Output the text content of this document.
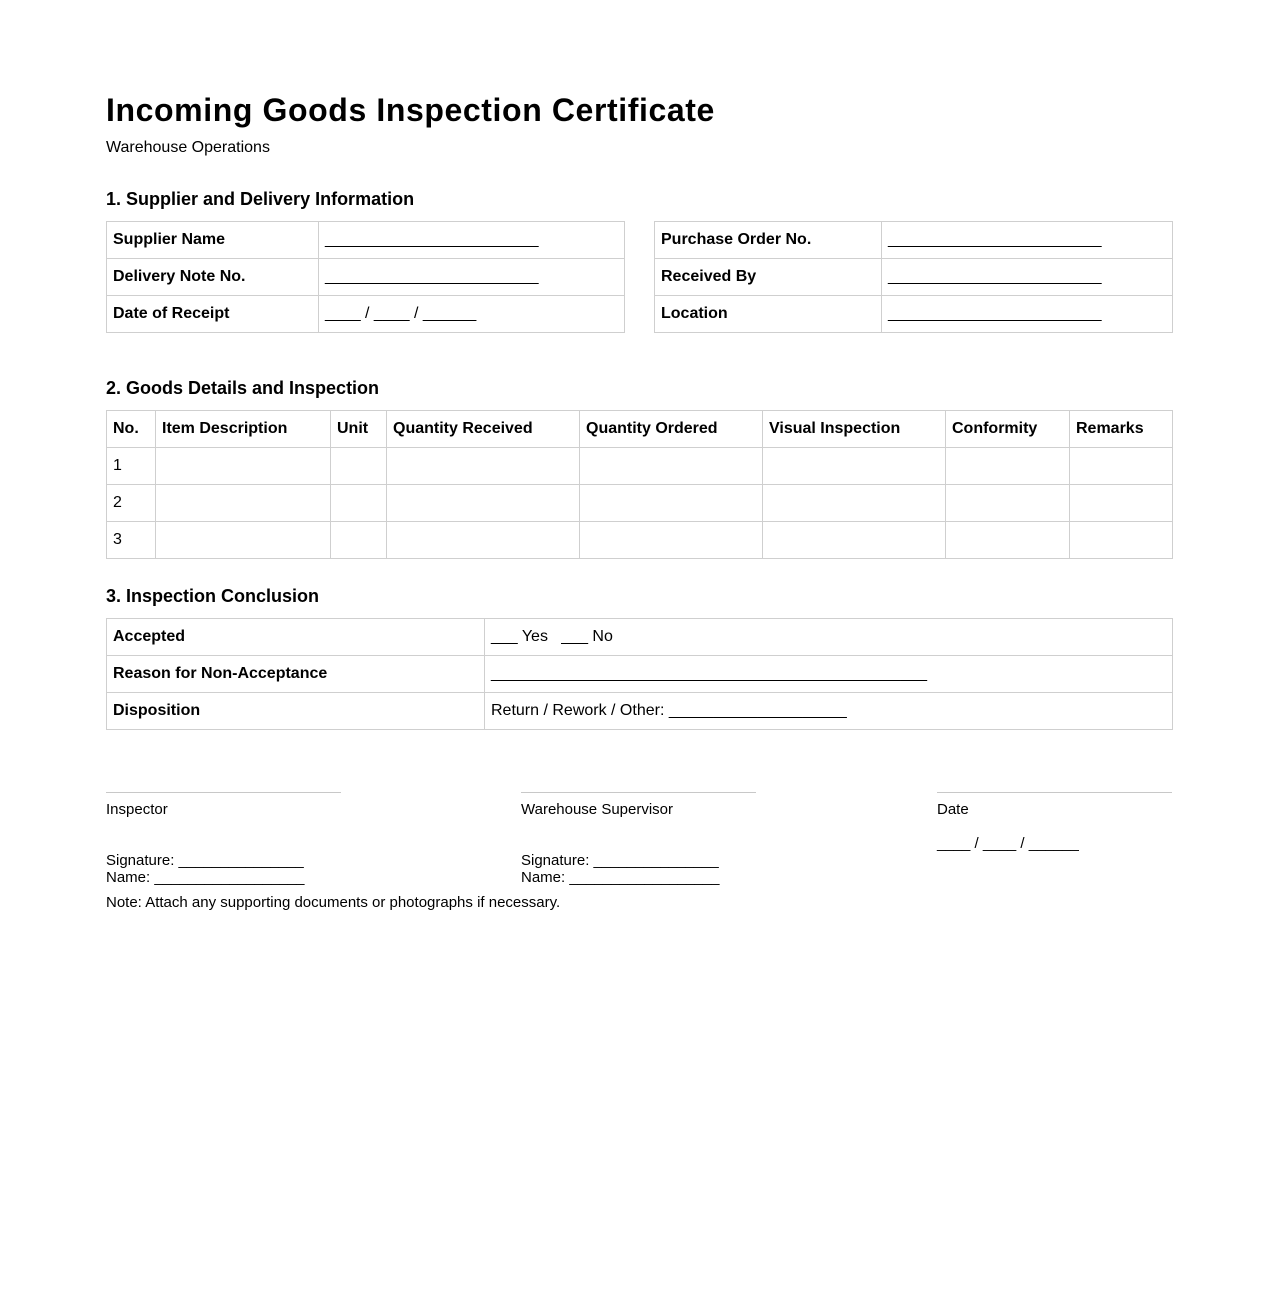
Incoming Goods Inspection Certificate
Warehouse Operations
1. Supplier and Delivery Information
Supplier Name	________________________
Delivery Note No.	________________________
Date of Receipt	____ / ____ / ______
Purchase Order No.	________________________
Received By	________________________
Location	________________________
2. Goods Details and Inspection
No.	Item Description	Unit	Quantity Received	Quantity Ordered	Visual Inspection	Conformity	Remarks
1							
2							
3							
3. Inspection Conclusion
Accepted	___ Yes   ___ No
Reason for Non-Acceptance	_________________________________________________
Disposition	Return / Rework / Other: ____________________
Inspector
Signature: _______________
Name: __________________
Warehouse Supervisor
Signature: _______________
Name: __________________
Date
____ / ____ / ______
Note: Attach any supporting documents or photographs if necessary.
